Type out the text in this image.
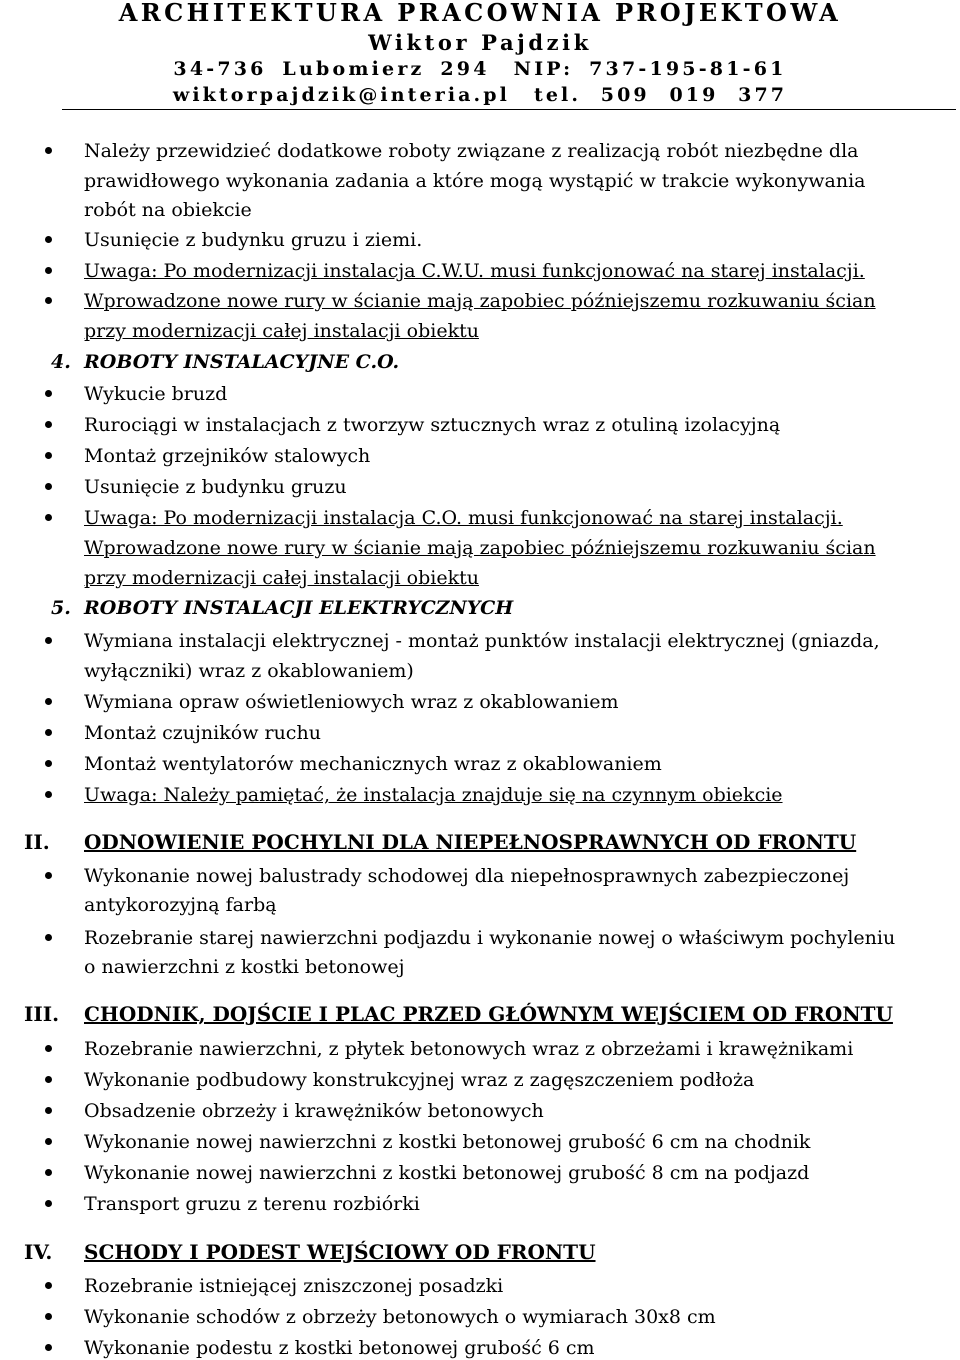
ARCHITEKTURA PRACOWNIA PROJEKTOWA
Wiktor Pajdzik
34-736 Lubomierz 294 NIP: 737-195-81-61
wiktorpajdzik@interia.pl tel. 509 019 377
Należy przewidzieć dodatkowe roboty związane z realizacją robót niezbędne dla
prawidłowego wykonania zadania a które mogą wystąpić w trakcie wykonywania
robót na obiekcie
Usunięcie z budynku gruzu i ziemi.
Uwaga: Po modernizacji instalacja C.W.U. musi funkcjonować na starej instalacji.
Wprowadzone nowe rury w ścianie mają zapobiec późniejszemu rozkuwaniu ścian
przy modernizacji całej instalacji obiektu
4. ROBOTY INSTALACYJNE C.O.
Wykucie bruzd
Rurociągi w instalacjach z tworzyw sztucznych wraz z otuliną izolacyjną
Montaż grzejników stalowych
Usunięcie z budynku gruzu
Uwaga: Po modernizacji instalacja C.O. musi funkcjonować na starej instalacji.
Wprowadzone nowe rury w ścianie mają zapobiec późniejszemu rozkuwaniu ścian
przy modernizacji całej instalacji obiektu
5. ROBOTY INSTALACJI ELEKTRYCZNYCH
Wymiana instalacji elektrycznej - montaż punktów instalacji elektrycznej (gniazda,
wyłączniki) wraz z okablowaniem)
Wymiana opraw oświetleniowych wraz z okablowaniem
Montaż czujników ruchu
Montaż wentylatorów mechanicznych wraz z okablowaniem
Uwaga: Należy pamiętać, że instalacja znajduje się na czynnym obiekcie
II. ODNOWIENIE POCHYLNI DLA NIEPEŁNOSPRAWNYCH OD FRONTU
Wykonanie nowej balustrady schodowej dla niepełnosprawnych zabezpieczonej
antykorozyjną farbą
Rozebranie starej nawierzchni podjazdu i wykonanie nowej o właściwym pochyleniu
o nawierzchni z kostki betonowej
III. CHODNIK, DOJŚCIE I PLAC PRZED GŁÓWNYM WEJŚCIEM OD FRONTU
Rozebranie nawierzchni, z płytek betonowych wraz z obrzeżami i krawężnikami
Wykonanie podbudowy konstrukcyjnej wraz z zagęszczeniem podłoża
Obsadzenie obrzeży i krawężników betonowych
Wykonanie nowej nawierzchni z kostki betonowej grubość 6 cm na chodnik
Wykonanie nowej nawierzchni z kostki betonowej grubość 8 cm na podjazd
Transport gruzu z terenu rozbiórki
IV. SCHODY I PODEST WEJŚCIOWY OD FRONTU
Rozebranie istniejącej zniszczonej posadzki
Wykonanie schodów z obrzeży betonowych o wymiarach 30x8 cm
Wykonanie podestu z kostki betonowej grubość 6 cm
